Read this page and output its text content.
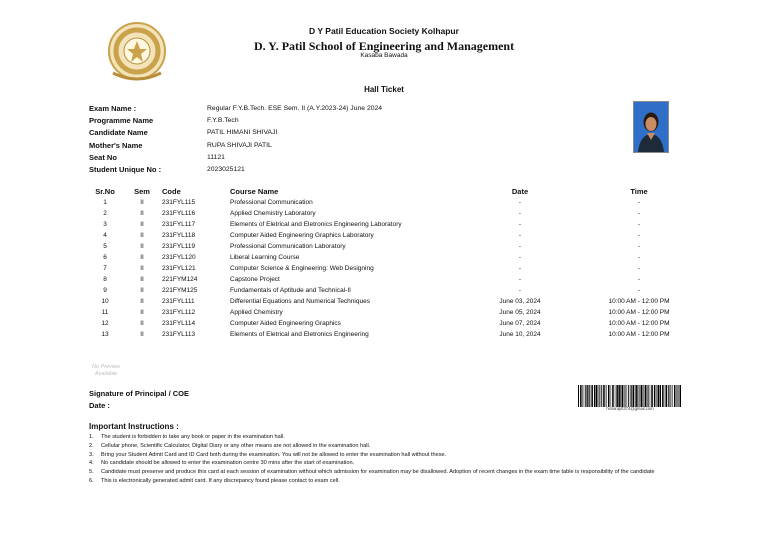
D Y Patil Education Society Kolhapur
D. Y. Patil School of Engineering and Management
Kasaba Bawada
Hall Ticket
Exam Name :	Regular F.Y.B.Tech. ESE Sem. II (A.Y.2023-24) June 2024
Programme Name	F.Y.B.Tech
Candidate Name	PATIL HIMANI SHIVAJI
Mother's Name	RUPA SHIVAJI PATIL
Seat No	11121
Student Unique No :	2023025121
Sr.No	Sem	Code	Course Name	Date	Time
1	II	231FYL115	Professional Communication	-	-
2	II	231FYL116	Applied Chemistry Laboratory	-	-
3	II	231FYL117	Elements of Eletrical and Eletronics Engineering Laboratory	-	-
4	II	231FYL118	Computer Aided Engineering Graphics Laboratory	-	-
5	II	231FYL119	Professional Communication Laboratory	-	-
6	II	231FYL120	Liberal Learning Course	-	-
7	II	231FYL121	Computer Science & Engineering: Web Designing	-	-
8	II	221FYM124	Capstone Project	-	-
9	II	221FYM125	Fundamentals of Aptitude and Technical-II	-	-
10	II	231FYL111	Differential Equations and Numerical Techniques	June 03, 2024	10:00 AM - 12:00 PM
11	II	231FYL112	Applied Chemistry	June 05, 2024	10:00 AM - 12:00 PM
12	II	231FYL114	Computer Aided Engineering Graphics	June 07, 2024	10:00 AM - 12:00 PM
13	II	231FYL113	Elements of Eletrical and Eletronics Engineering	June 10, 2024	10:00 AM - 12:00 PM
No Preview
Available
Signature of Principal / COE
Date :	himanip0374@gmail.com
Important Instructions :
1.	The student is forbidden to take any book or paper in the examination hall.
2.	Cellular phone, Scientific Calculator, Digital Diary or any other means are not allowed in the examination hall.
3.	Bring your Student Admit Card and ID Card both during the examination. You will not be allowed to enter the examination hall without these.
4.	No candidate should be allowed to enter the examination centre 30 mins after the start of examination.
5.	Candidate must preserve and produce this card at each session of examination without which admission for examination may be disallowed. Adoption of recent changes in the exam time table is responsibility of the candidate
6.	This is electronically generated admit card. If any discrepancy found please contact to exam cell.
